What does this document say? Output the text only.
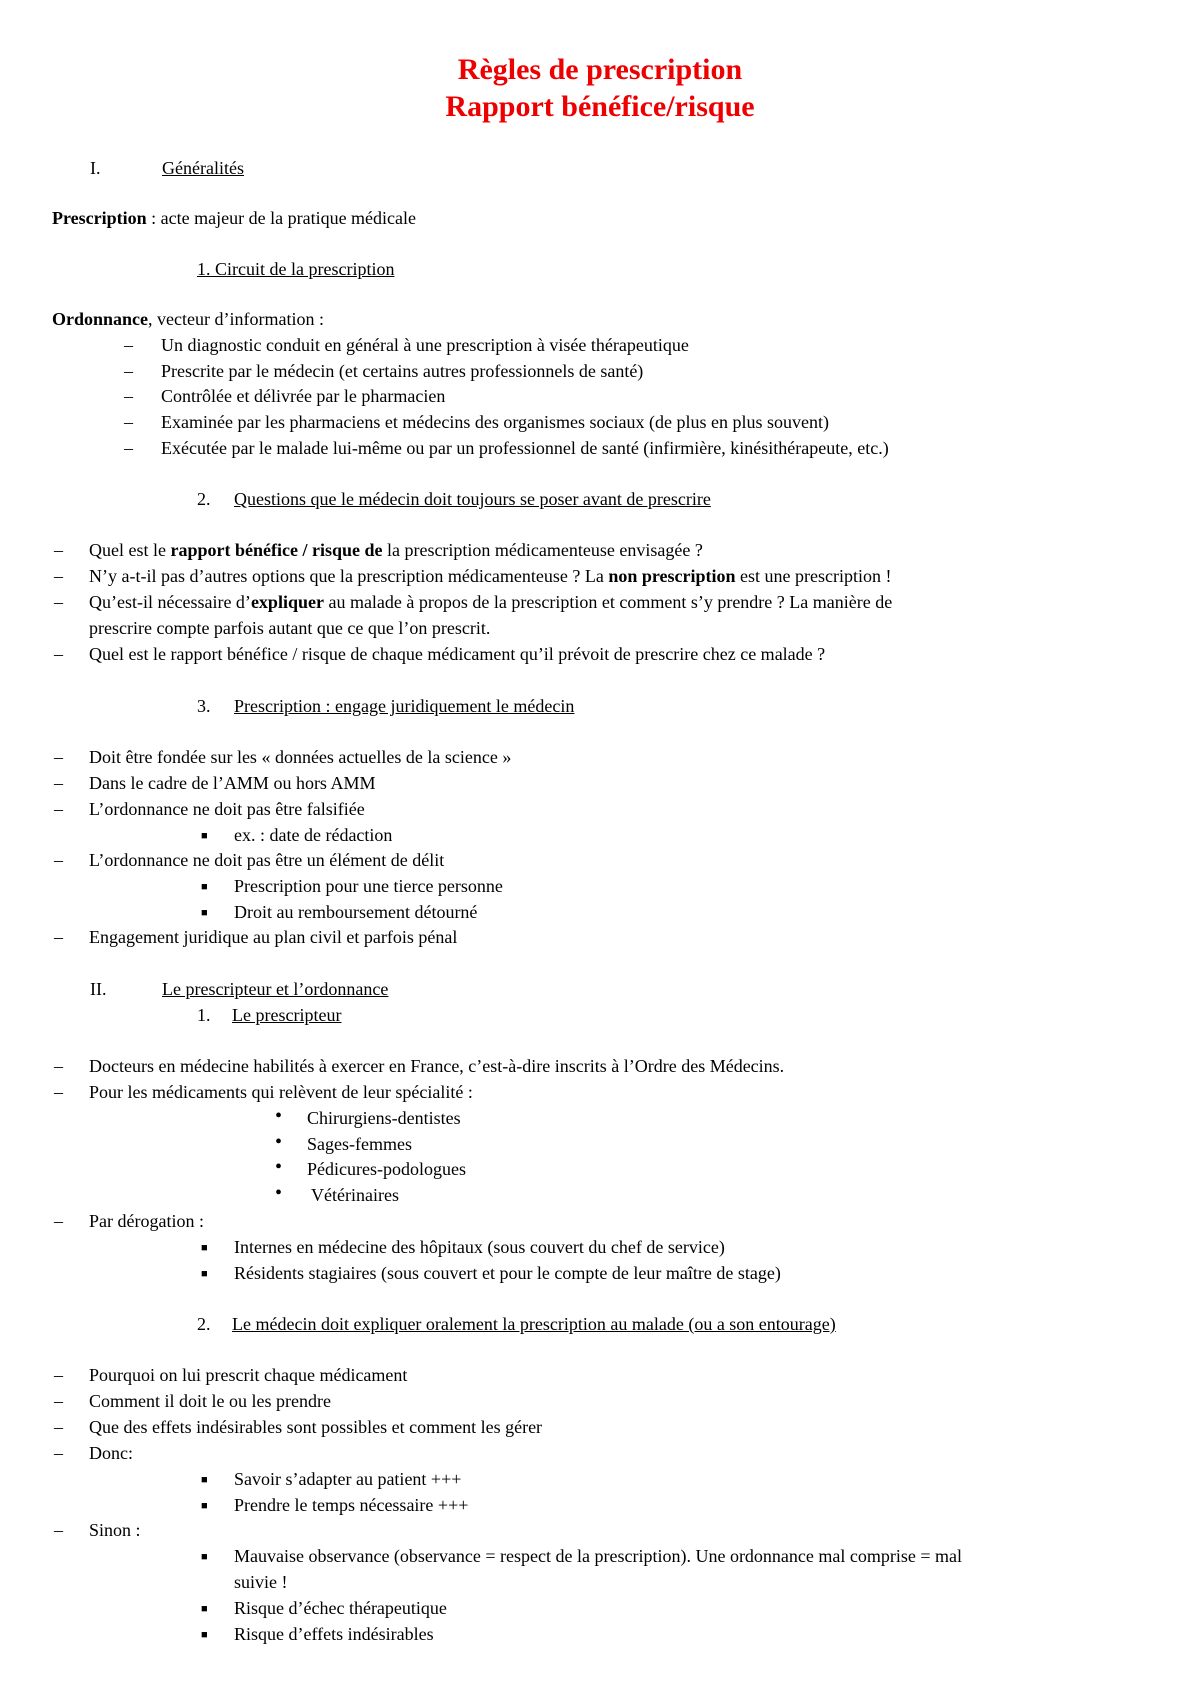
Règles de prescription
Rapport bénéfice/risque
I.	Généralités
Prescription : acte majeur de la pratique médicale
1. Circuit de la prescription
Ordonnance, vecteur d’information :
– Un diagnostic conduit en général à une prescription à visée thérapeutique
– Prescrite par le médecin (et certains autres professionnels de santé)
– Contrôlée et délivrée par le pharmacien
– Examinée par les pharmaciens et médecins des organismes sociaux (de plus en plus souvent)
– Exécutée par le malade lui-même ou par un professionnel de santé (infirmière, kinésithérapeute, etc.)
2. Questions que le médecin doit toujours se poser avant de prescrire
– Quel est le rapport bénéfice / risque de la prescription médicamenteuse envisagée ?
– N’y a-t-il pas d’autres options que la prescription médicamenteuse ? La non prescription est une prescription !
– Qu’est-il nécessaire d’expliquer au malade à propos de la prescription et comment s’y prendre ? La manière de
prescrire compte parfois autant que ce que l’on prescrit.
– Quel est le rapport bénéfice / risque de chaque médicament qu’il prévoit de prescrire chez ce malade ?
3. Prescription : engage juridiquement le médecin
– Doit être fondée sur les « données actuelles de la science »
– Dans le cadre de l’AMM ou hors AMM
– L’ordonnance ne doit pas être falsifiée
■ ex. : date de rédaction
– L’ordonnance ne doit pas être un élément de délit
■ Prescription pour une tierce personne
■ Droit au remboursement détourné
– Engagement juridique au plan civil et parfois pénal
II.	Le prescripteur et l’ordonnance
1. Le prescripteur
– Docteurs en médecine habilités à exercer en France, c’est-à-dire inscrits à l’Ordre des Médecins.
– Pour les médicaments qui relèvent de leur spécialité :
• Chirurgiens-dentistes
• Sages-femmes
• Pédicures-podologues
• Vétérinaires
– Par dérogation :
■ Internes en médecine des hôpitaux (sous couvert du chef de service)
■ Résidents stagiaires (sous couvert et pour le compte de leur maître de stage)
2. Le médecin doit expliquer oralement la prescription au malade (ou a son entourage)
– Pourquoi on lui prescrit chaque médicament
– Comment il doit le ou les prendre
– Que des effets indésirables sont possibles et comment les gérer
– Donc:
■ Savoir s’adapter au patient +++
■ Prendre le temps nécessaire +++
– Sinon :
■ Mauvaise observance (observance = respect de la prescription). Une ordonnance mal comprise = mal
suivie !
■ Risque d’échec thérapeutique
■ Risque d’effets indésirables
